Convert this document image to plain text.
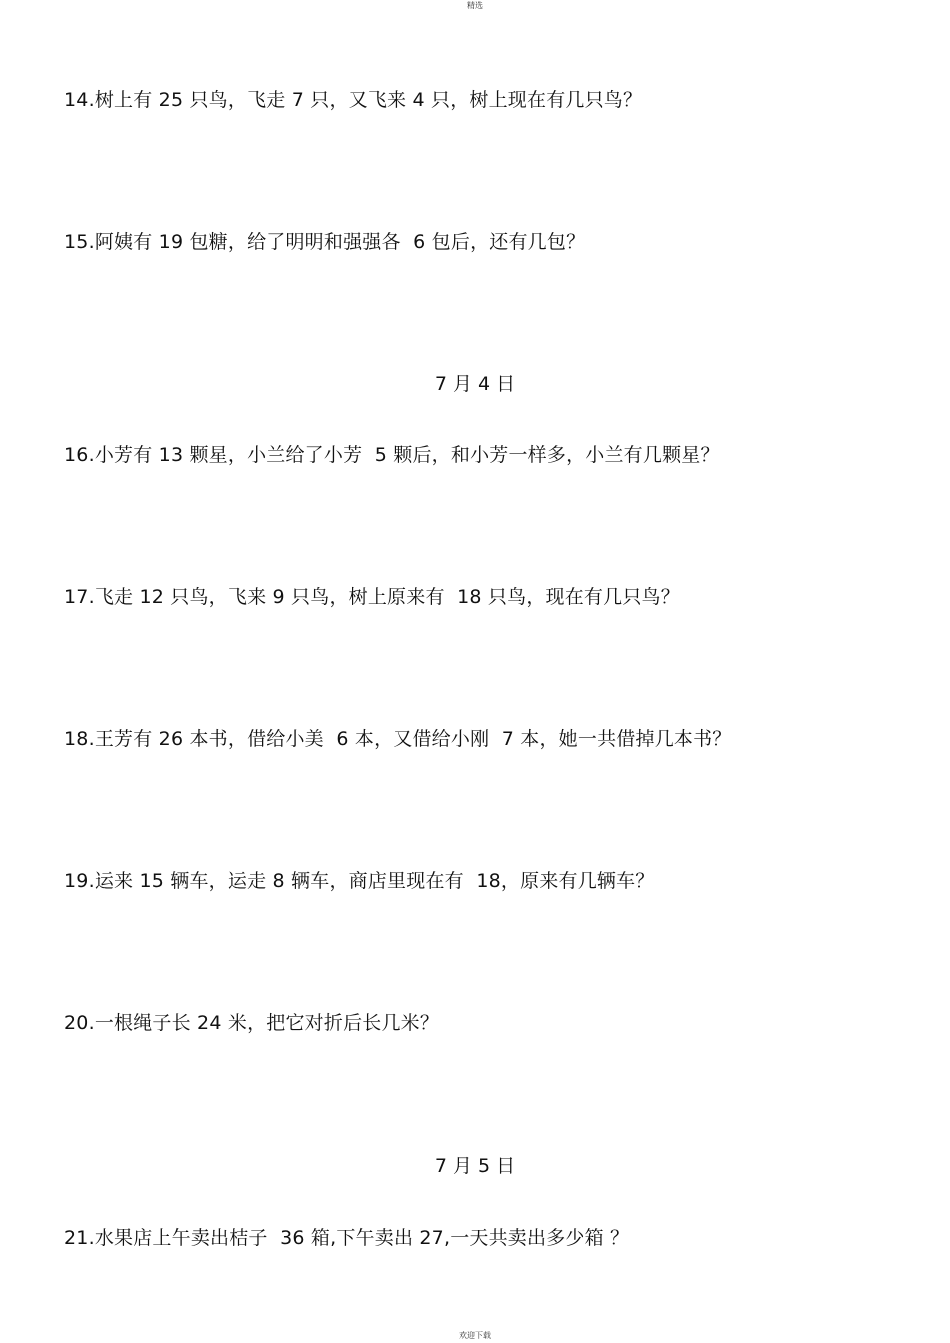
精选
14.树上有 25 只鸟，飞走 7 只，又飞来 4 只，树上现在有几只鸟？
15.阿姨有 19 包糖，给了明明和强强各  6 包后，还有几包？
7 月 4 日
16.小芳有 13 颗星，小兰给了小芳  5 颗后，和小芳一样多，小兰有几颗星？
17.飞走 12 只鸟，飞来 9 只鸟，树上原来有  18 只鸟，现在有几只鸟？
18.王芳有 26 本书，借给小美  6 本，又借给小刚  7 本，她一共借掉几本书？
19.运来 15 辆车，运走 8 辆车，商店里现在有  18，原来有几辆车？
20.一根绳子长 24 米，把它对折后长几米？
7 月 5 日
21.水果店上午卖出桔子  36 箱,下午卖出 27,一天共卖出多少箱 ？
欢迎下载
